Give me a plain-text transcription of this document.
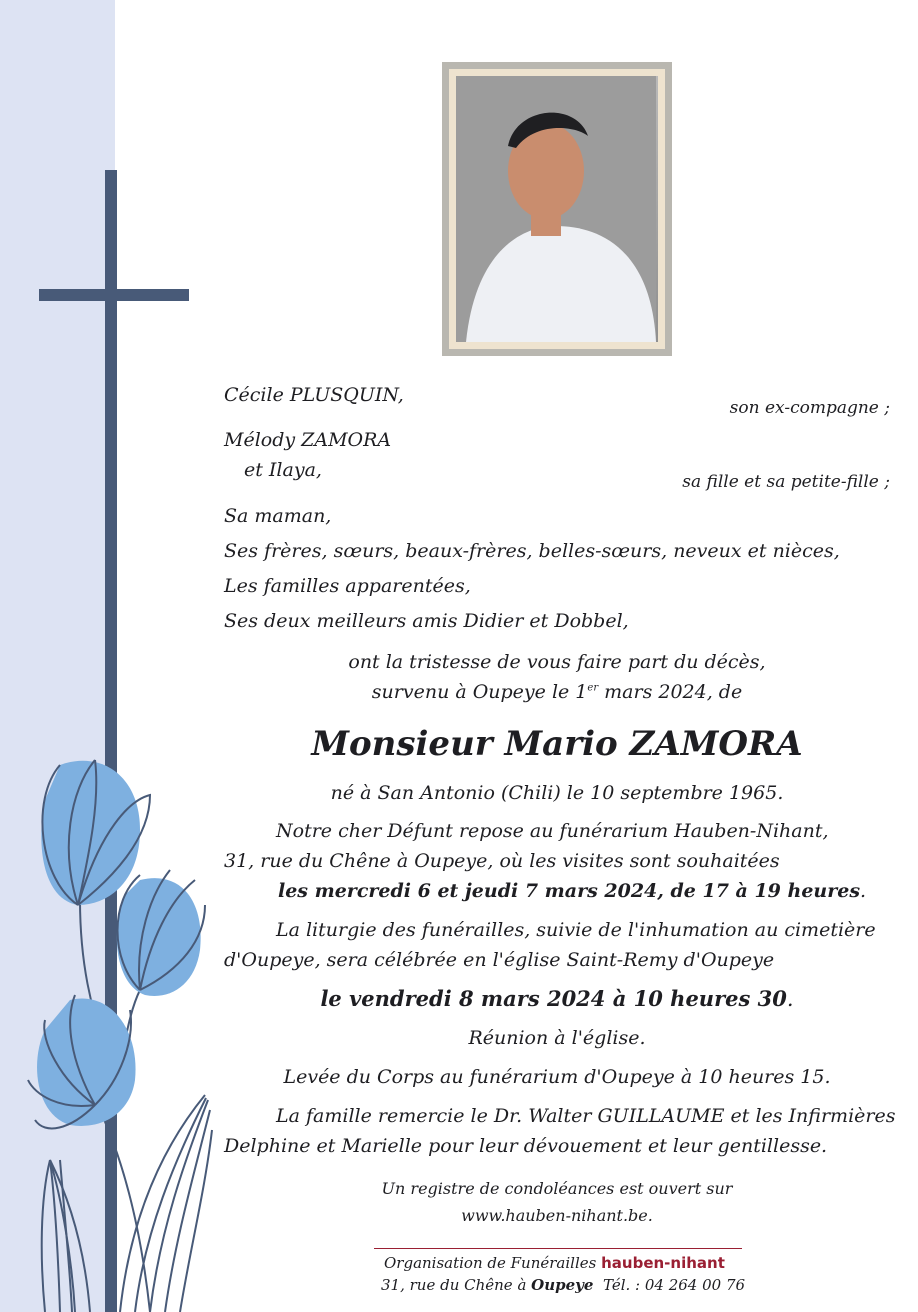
Cécile PLUSQUIN,
son ex-compagne ;
Mélody ZAMORA
et Ilaya,
sa fille et sa petite-fille ;
Sa maman,
Ses frères, sœurs, beaux-frères, belles-sœurs, neveux et nièces,
Les familles apparentées,
Ses deux meilleurs amis Didier et Dobbel,
ont la tristesse de vous faire part du décès,
survenu à Oupeye le 1er mars 2024, de
Monsieur Mario ZAMORA
né à San Antonio (Chili) le 10 septembre 1965.
Notre cher Défunt repose au funérarium Hauben-Nihant,
31, rue du Chêne à Oupeye, où les visites sont souhaitées
les mercredi 6 et jeudi 7 mars 2024, de 17 à 19 heures.
La liturgie des funérailles, suivie de l'inhumation au cimetière
d'Oupeye, sera célébrée en l'église Saint-Remy d'Oupeye
le vendredi 8 mars 2024 à 10 heures 30.
Réunion à l'église.
Levée du Corps au funérarium d'Oupeye à 10 heures 15.
La famille remercie le Dr. Walter GUILLAUME et les Infirmières
Delphine et Marielle pour leur dévouement et leur gentillesse.
Un registre de condoléances est ouvert sur
www.hauben-nihant.be.
Organisation de Funérailles hauben-nihant
31, rue du Chêne à Oupeye  Tél. : 04 264 00 76
